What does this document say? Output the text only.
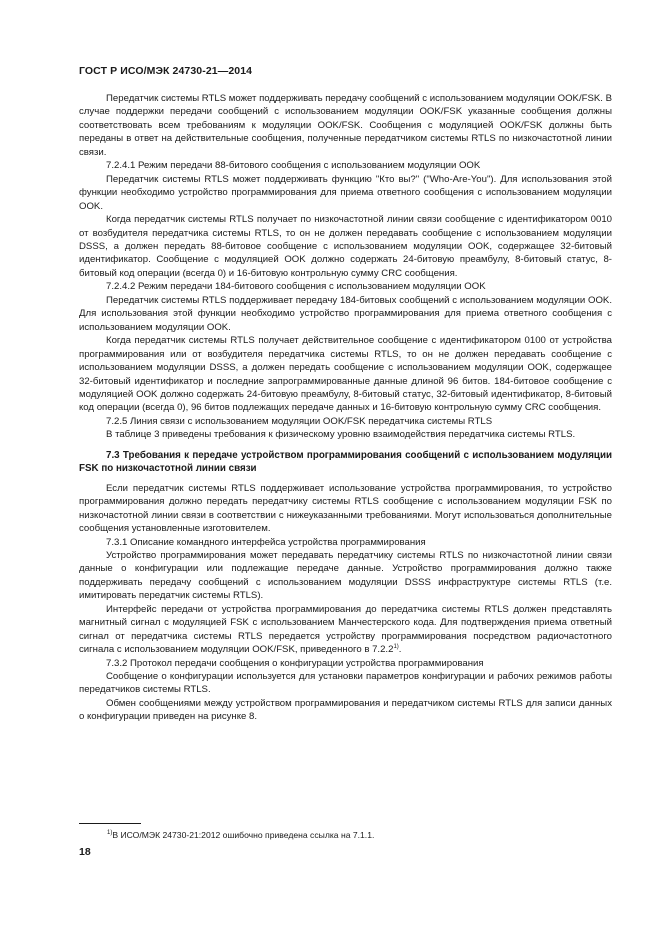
ГОСТ Р ИСО/МЭК 24730-21—2014

Передатчик системы RTLS может поддерживать передачу сообщений с использованием модуляции OOK/FSK. В случае поддержки передачи сообщений с использованием модуляции OOK/FSK указанные сообщения должны соответствовать всем требованиям к модуляции OOK/FSK. Сообщения с модуляцией OOK/FSK должны быть переданы в ответ на действительные сообщения, полученные передатчиком системы RTLS по низкочастотной линии связи.

7.2.4.1 Режим передачи 88-битового сообщения с использованием модуляции OOK

Передатчик системы RTLS может поддерживать функцию "Кто вы?" ("Who-Are-You"). Для использования этой функции необходимо устройство программирования для приема ответного сообщения с использованием модуляции OOK.

Когда передатчик системы RTLS получает по низкочастотной линии связи сообщение с идентификатором 0010 от возбудителя передатчика системы RTLS, то он не должен передавать сообщение с использованием модуляции DSSS, а должен передать 88-битовое сообщение с использованием модуляции OOK, содержащее 32-битовый идентификатор. Сообщение с модуляцией OOK должно содержать 24-битовую преамбулу, 8-битовый статус, 8-битовый код операции (всегда 0) и 16-битовую контрольную сумму CRC сообщения.

7.2.4.2 Режим передачи 184-битового сообщения с использованием модуляции OOK

Передатчик системы RTLS поддерживает передачу 184-битовых сообщений с использованием модуляции OOK. Для использования этой функции необходимо устройство программирования для приема ответного сообщения с использованием модуляции OOK.

Когда передатчик системы RTLS получает действительное сообщение с идентификатором 0100 от устройства программирования или от возбудителя передатчика системы RTLS, то он не должен передавать сообщение с использованием модуляции DSSS, а должен передать сообщение с использованием модуляции OOK, содержащее 32-битовый идентификатор и последние запрограммированные данные длиной 96 битов. 184-битовое сообщение с модуляцией OOK должно содержать 24-битовую преамбулу, 8-битовый статус, 32-битовый идентификатор, 8-битовый код операции (всегда 0), 96 битов подлежащих передаче данных и 16-битовую контрольную сумму CRC сообщения.

7.2.5 Линия связи с использованием модуляции OOK/FSK передатчика системы RTLS

В таблице 3 приведены требования к физическому уровню взаимодействия передатчика системы RTLS.

7.3 Требования к передаче устройством программирования сообщений с использованием модуляции FSK по низкочастотной линии связи

Если передатчик системы RTLS поддерживает использование устройства программирования, то устройство программирования должно передать передатчику системы RTLS сообщение с использованием модуляции FSK по низкочастотной линии связи в соответствии с нижеуказанными требованиями. Могут использоваться дополнительные сообщения установленные изготовителем.

7.3.1 Описание командного интерфейса устройства программирования

Устройство программирования может передавать передатчику системы RTLS по низкочастотной линии связи данные о конфигурации или подлежащие передаче данные. Устройство программирования должно также поддерживать передачу сообщений с использованием модуляции DSSS инфраструктуре системы RTLS (т.е. имитировать передатчик системы RTLS).

Интерфейс передачи от устройства программирования до передатчика системы RTLS должен представлять магнитный сигнал с модуляцией FSK с использованием Манчестерского кода. Для подтверждения приема ответный сигнал от передатчика системы RTLS передается устройству программирования посредством радиочастотного сигнала с использованием модуляции OOK/FSK, приведенного в 7.2.2$^{1)}$.

7.3.2 Протокол передачи сообщения о конфигурации устройства программирования

Сообщение о конфигурации используется для установки параметров конфигурации и рабочих режимов работы передатчиков системы RTLS.

Обмен сообщениями между устройством программирования и передатчиком системы RTLS для записи данных о конфигурации приведен на рисунке 8.

$^{1)}$В ИСО/МЭК 24730-21:2012 ошибочно приведена ссылка на 7.1.1.
18
